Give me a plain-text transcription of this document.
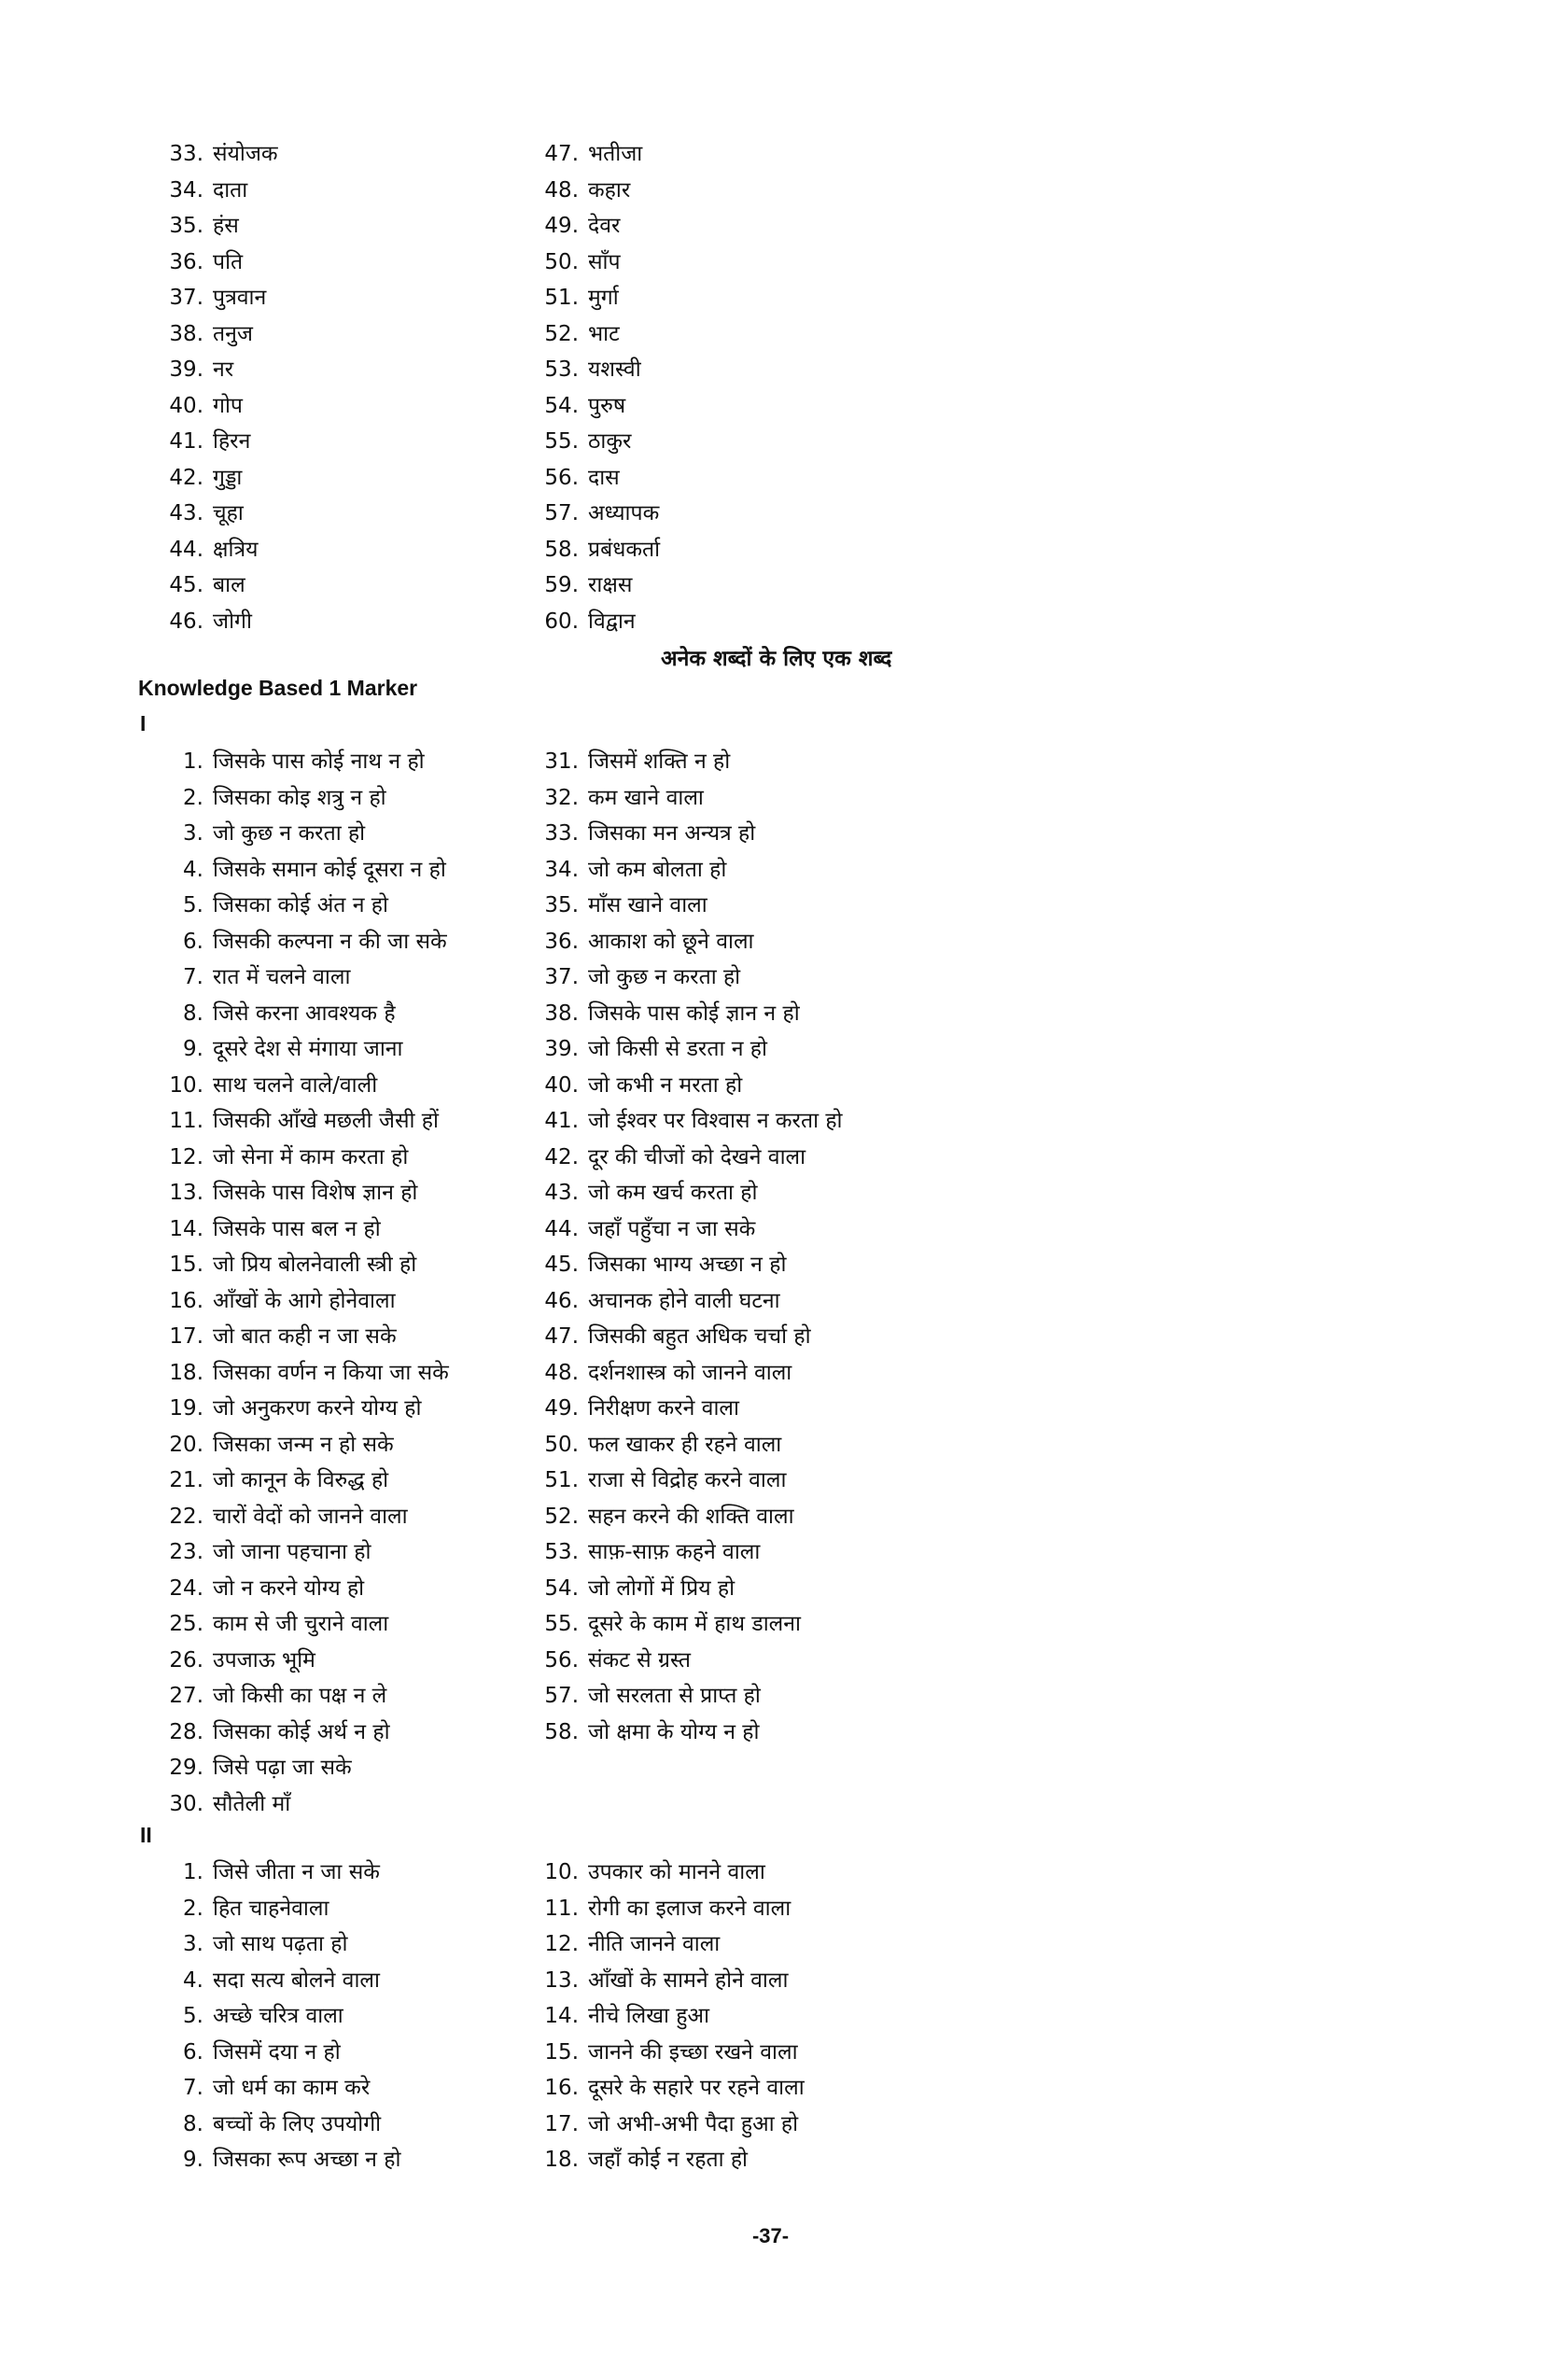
33. संयोजक
34. दाता
35. हंस
36. पति
37. पुत्रवान
38. तनुज
39. नर
40. गोप
41. हिरन
42. गुड्डा
43. चूहा
44. क्षत्रिय
45. बाल
46. जोगी
47. भतीजा
48. कहार
49. देवर
50. साँप
51. मुर्गा
52. भाट
53. यशस्वी
54. पुरुष
55. ठाकुर
56. दास
57. अध्यापक
58. प्रबंधकर्ता
59. राक्षस
60. विद्वान
अनेक शब्दों के लिए एक शब्द
Knowledge Based 1 Marker
I
1. जिसके पास कोई नाथ न हो
2. जिसका कोइ शत्रु न हो
3. जो कुछ न करता हो
4. जिसके समान कोई दूसरा न हो
5. जिसका कोई अंत न हो
6. जिसकी कल्पना न की जा सके
7. रात में चलने वाला
8. जिसे करना आवश्यक है
9. दूसरे देश से मंगाया जाना
10. साथ चलने वाले/वाली
11. जिसकी आँखे मछली जैसी हों
12. जो सेना में काम करता हो
13. जिसके पास विशेष ज्ञान हो
14. जिसके पास बल न हो
15. जो प्रिय बोलनेवाली स्त्री हो
16. आँखों के आगे होनेवाला
17. जो बात कही न जा सके
18. जिसका वर्णन न किया जा सके
19. जो अनुकरण करने योग्य हो
20. जिसका जन्म न हो सके
21. जो कानून के विरुद्ध हो
22. चारों वेदों को जानने वाला
23. जो जाना पहचाना हो
24. जो न करने योग्य हो
25. काम से जी चुराने वाला
26. उपजाऊ भूमि
27. जो किसी का पक्ष न ले
28. जिसका कोई अर्थ न हो
29. जिसे पढ़ा जा सके
30. सौतेली माँ
31. जिसमें शक्ति न हो
32. कम खाने वाला
33. जिसका मन अन्यत्र हो
34. जो कम बोलता हो
35. माँस खाने वाला
36. आकाश को छूने वाला
37. जो कुछ न करता हो
38. जिसके पास कोई ज्ञान न हो
39. जो किसी से डरता न हो
40. जो कभी न मरता हो
41. जो ईश्वर पर विश्वास न करता हो
42. दूर की चीजों को देखने वाला
43. जो कम खर्च करता हो
44. जहाँ पहुँचा न जा सके
45. जिसका भाग्य अच्छा न हो
46. अचानक होने वाली घटना
47. जिसकी बहुत अधिक चर्चा हो
48. दर्शनशास्त्र को जानने वाला
49. निरीक्षण करने वाला
50. फल खाकर ही रहने वाला
51. राजा से विद्रोह करने वाला
52. सहन करने की शक्ति वाला
53. साफ़-साफ़ कहने वाला
54. जो लोगों में प्रिय हो
55. दूसरे के काम में हाथ डालना
56. संकट से ग्रस्त
57. जो सरलता से प्राप्त हो
58. जो क्षमा के योग्य न हो
II
1. जिसे जीता न जा सके
2. हित चाहनेवाला
3. जो साथ पढ़ता हो
4. सदा सत्य बोलने वाला
5. अच्छे चरित्र वाला
6. जिसमें दया न हो
7. जो धर्म का काम करे
8. बच्चों के लिए उपयोगी
9. जिसका रूप अच्छा न हो
10. उपकार को मानने वाला
11. रोगी का इलाज करने वाला
12. नीति जानने वाला
13. आँखों के सामने होने वाला
14. नीचे लिखा हुआ
15. जानने की इच्छा रखने वाला
16. दूसरे के सहारे पर रहने वाला
17. जो अभी-अभी पैदा हुआ हो
18. जहाँ कोई न रहता हो
-37-
